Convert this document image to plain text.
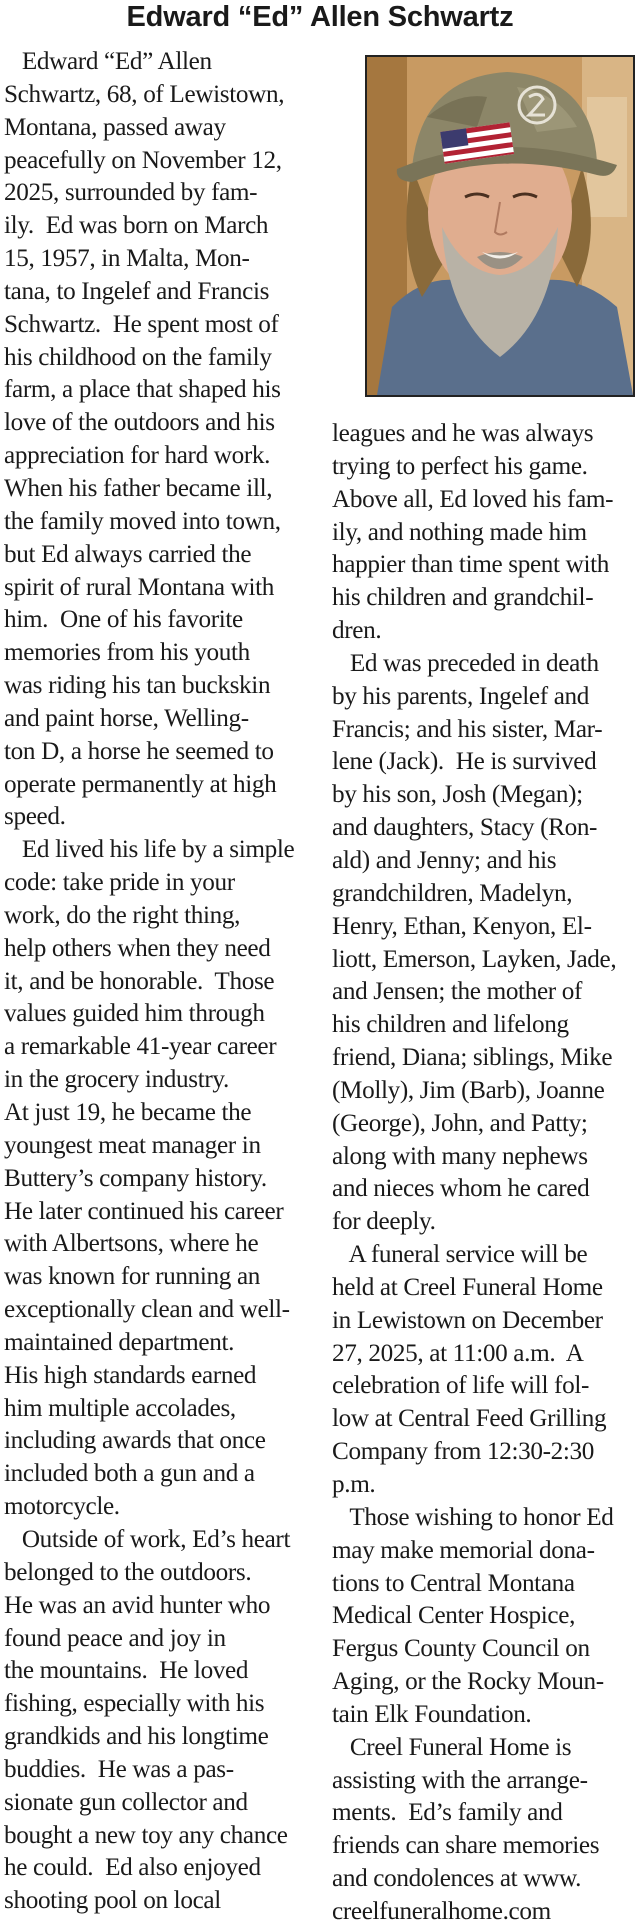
Edward “Ed” Allen Schwartz
Edward “Ed” Allen
Schwartz, 68, of Lewistown,
Montana, passed away
peacefully on November 12,
2025, surrounded by fam-
ily.  Ed was born on March
15, 1957, in Malta, Mon-
tana, to Ingelef and Francis
Schwartz.  He spent most of
his childhood on the family
farm, a place that shaped his
love of the outdoors and his
appreciation for hard work.
When his father became ill,
the family moved into town,
but Ed always carried the
spirit of rural Montana with
him.  One of his favorite
memories from his youth
was riding his tan buckskin
and paint horse, Welling-
ton D, a horse he seemed to
operate permanently at high
speed.
Ed lived his life by a simple
code: take pride in your
work, do the right thing,
help others when they need
it, and be honorable.  Those
values guided him through
a remarkable 41-year career
in the grocery industry.
At just 19, he became the
youngest meat manager in
Buttery’s company history.
He later continued his career
with Albertsons, where he
was known for running an
exceptionally clean and well-
maintained department.
His high standards earned
him multiple accolades,
including awards that once
included both a gun and a
motorcycle.
Outside of work, Ed’s heart
belonged to the outdoors.
He was an avid hunter who
found peace and joy in
the mountains.  He loved
fishing, especially with his
grandkids and his longtime
buddies.  He was a pas-
sionate gun collector and
bought a new toy any chance
he could.  Ed also enjoyed
shooting pool on local
leagues and he was always
trying to perfect his game.
Above all, Ed loved his fam-
ily, and nothing made him
happier than time spent with
his children and grandchil-
dren.
Ed was preceded in death
by his parents, Ingelef and
Francis; and his sister, Mar-
lene (Jack).  He is survived
by his son, Josh (Megan);
and daughters, Stacy (Ron-
ald) and Jenny; and his
grandchildren, Madelyn,
Henry, Ethan, Kenyon, El-
liott, Emerson, Layken, Jade,
and Jensen; the mother of
his children and lifelong
friend, Diana; siblings, Mike
(Molly), Jim (Barb), Joanne
(George), John, and Patty;
along with many nephews
and nieces whom he cared
for deeply.
A funeral service will be
held at Creel Funeral Home
in Lewistown on December
27, 2025, at 11:00 a.m.  A
celebration of life will fol-
low at Central Feed Grilling
Company from 12:30-2:30
p.m.
Those wishing to honor Ed
may make memorial dona-
tions to Central Montana
Medical Center Hospice,
Fergus County Council on
Aging, or the Rocky Moun-
tain Elk Foundation.
Creel Funeral Home is
assisting with the arrange-
ments.  Ed’s family and
friends can share memories
and condolences at www.
creelfuneralhome.com
